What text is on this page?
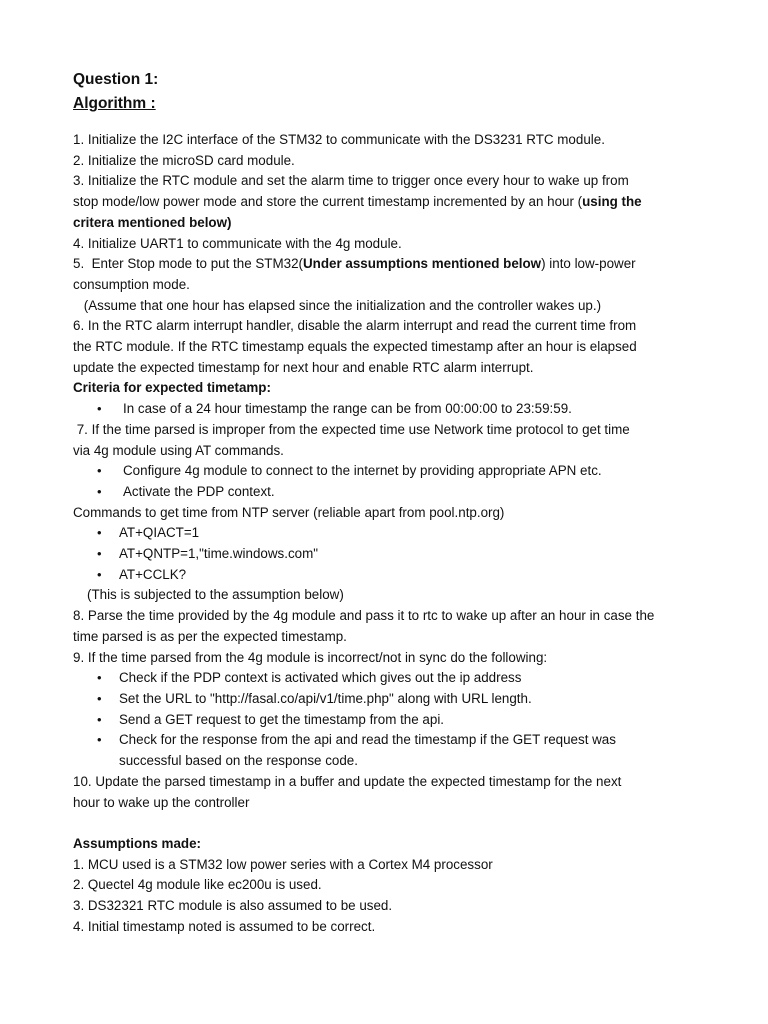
Question 1:

Algorithm :

1. Initialize the I2C interface of the STM32 to communicate with the DS3231 RTC module.

2. Initialize the microSD card module.

3. Initialize the RTC module and set the alarm time to trigger once every hour to wake up from

stop mode/low power mode and store the current timestamp incremented by an hour (using the

critera mentioned below)

4. Initialize UART1 to communicate with the 4g module.

5.  Enter Stop mode to put the STM32(Under assumptions mentioned below) into low-power

consumption mode.

(Assume that one hour has elapsed since the initialization and the controller wakes up.)

6. In the RTC alarm interrupt handler, disable the alarm interrupt and read the current time from

the RTC module. If the RTC timestamp equals the expected timestamp after an hour is elapsed

update the expected timestamp for next hour and enable RTC alarm interrupt.

Criteria for expected timetamp:

• In case of a 24 hour timestamp the range can be from 00:00:00 to 23:59:59.

7. If the time parsed is improper from the expected time use Network time protocol to get time

via 4g module using AT commands.

• Configure 4g module to connect to the internet by providing appropriate APN etc.

• Activate the PDP context.

Commands to get time from NTP server (reliable apart from pool.ntp.org)

• AT+QIACT=1

• AT+QNTP=1,"time.windows.com"

• AT+CCLK?

(This is subjected to the assumption below)

8. Parse the time provided by the 4g module and pass it to rtc to wake up after an hour in case the

time parsed is as per the expected timestamp.

9. If the time parsed from the 4g module is incorrect/not in sync do the following:

• Check if the PDP context is activated which gives out the ip address

• Set the URL to "http://fasal.co/api/v1/time.php" along with URL length.

• Send a GET request to get the timestamp from the api.

• Check for the response from the api and read the timestamp if the GET request was

successful based on the response code.

10. Update the parsed timestamp in a buffer and update the expected timestamp for the next

hour to wake up the controller

Assumptions made:

1. MCU used is a STM32 low power series with a Cortex M4 processor

2. Quectel 4g module like ec200u is used.

3. DS32321 RTC module is also assumed to be used.

4. Initial timestamp noted is assumed to be correct.
